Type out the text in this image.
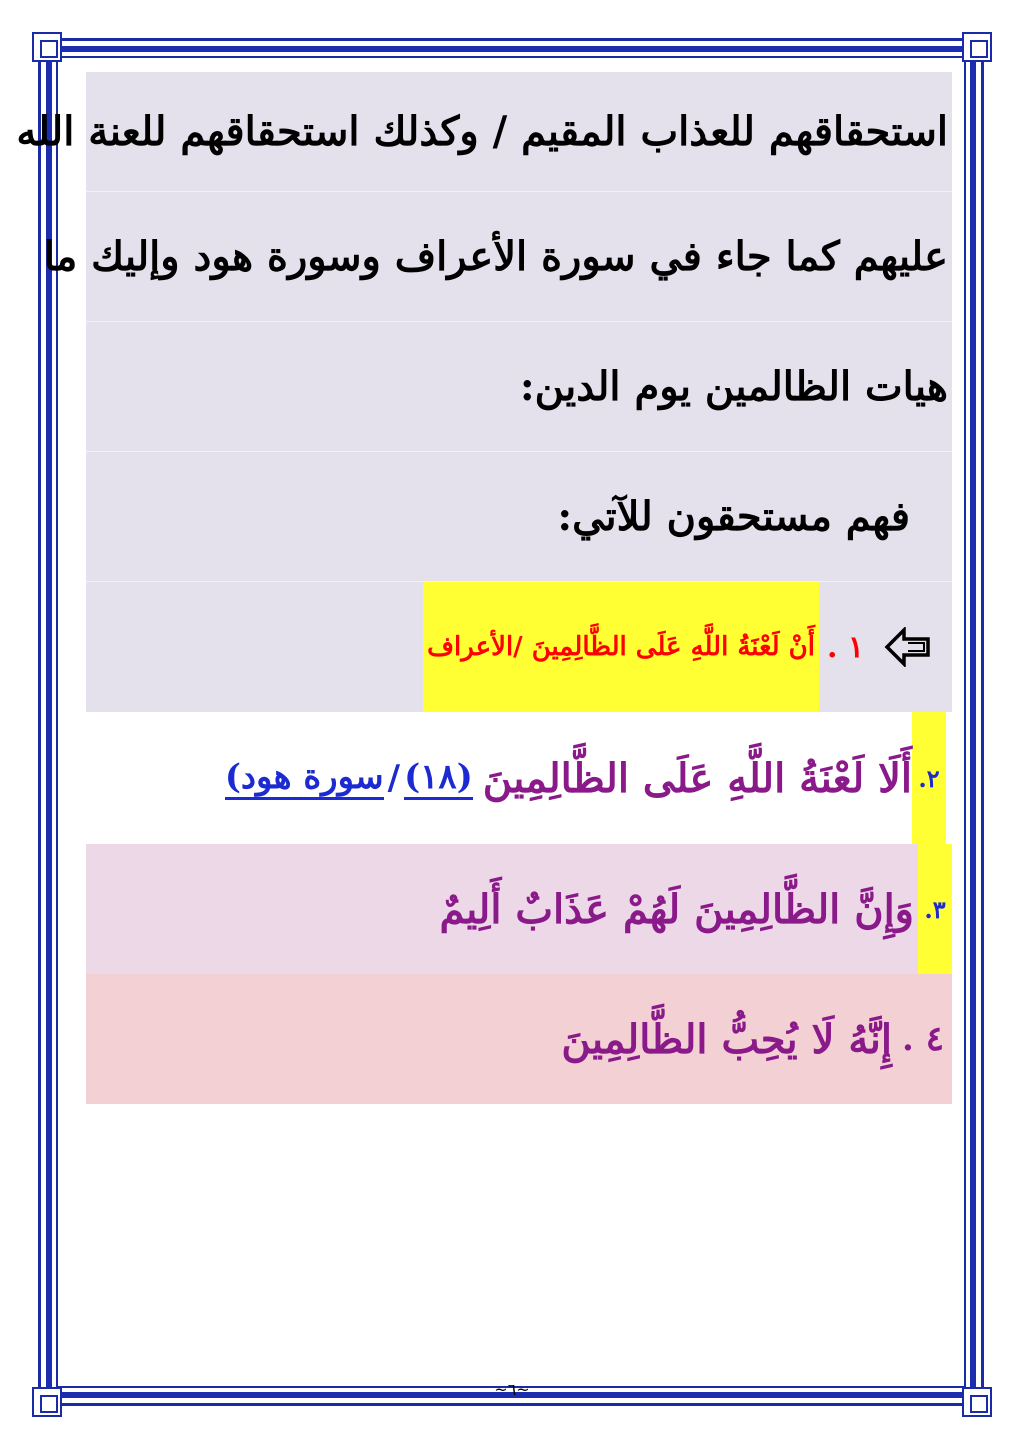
استحقاقهم للعذاب المقيم / وكذلك استحقاقهم للعنة الله
عليهم كما جاء في سورة الأعراف وسورة هود وإليك ما
هيات الظالمين يوم الدين:
فهم مستحقون للآتي:
١ .
أَنْ لَعْنَةُ اللَّهِ عَلَى الظَّالِمِينَ /الأعراف
٢.
أَلَا لَعْنَةُ اللَّهِ عَلَى الظَّالِمِينَ
(١٨)
/
سورة هود)
٣.
وَإِنَّ الظَّالِمِينَ لَهُمْ عَذَابٌ أَلِيمٌ
٤ .
إِنَّهُ لَا يُحِبُّ الظَّالِمِينَ
~٦~
